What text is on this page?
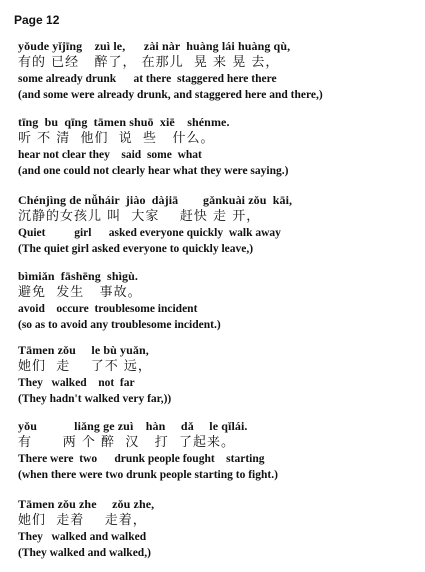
Page 12
yǒude yǐjīng    zuì le,      zài nàr  huàng lái huàng qù,
有的 已经   醉了， 在那儿  晃 来 晃 去，
some already drunk      at there  staggered here there
(and some were already drunk, and staggered here and there,)
tīng  bu  qīng  tāmen shuō  xiē    shénme.
听 不 清  他们  说  些   什么。
hear not clear they    said  some  what
(and one could not clearly hear what they were saying.)
Chénjìng de nǚháir  jiào  dàjiā        gǎnkuài zǒu  kāi,
沉静的女孩儿 叫  大家    赶快 走 开，
Quiet          girl      asked everyone quickly  walk away
(The quiet girl asked everyone to quickly leave,)
bìmiǎn  fāshēng  shìgù.
避免  发生   事故。
avoid    occure  troublesome incident
(so as to avoid any troublesome incident.)
Tāmen zǒu     le bù yuǎn,
她们  走    了不 远，
They   walked    not  far
(They hadn't walked very far,))
yǒu            liǎng ge zuì    hàn     dǎ     le qǐlái.
有      两 个 醉  汉   打  了起来。
There were  two      drunk people fought    starting
(when there were two drunk people starting to fight.)
Tāmen zǒu zhe     zǒu zhe,
她们  走着    走着，
They   walked and walked
(They walked and walked,)
